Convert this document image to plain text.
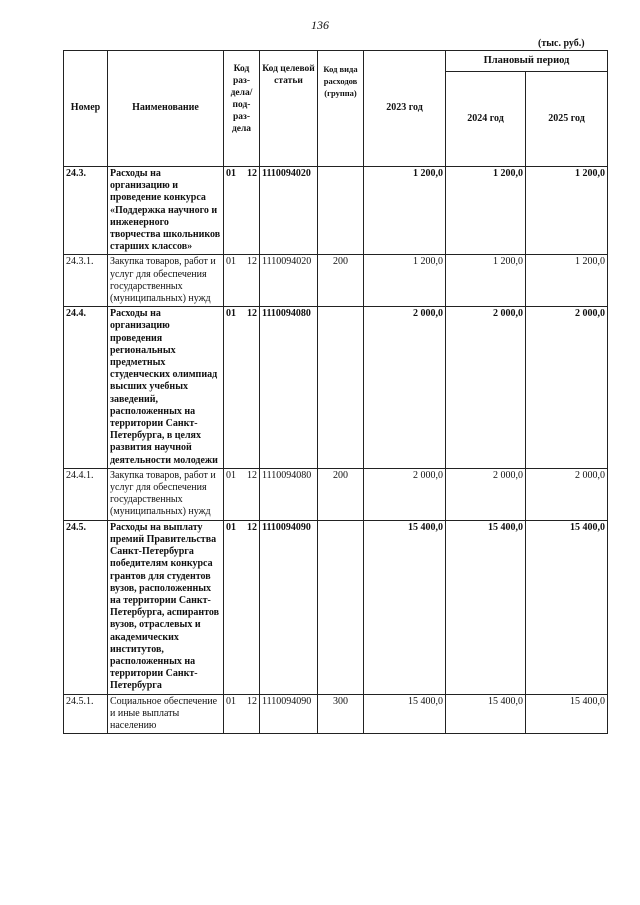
136
(тыс. руб.)
Номер	Наименование	Код раз-дела/ под-раз-дела	Код целевой статьи	Код вида расходов (группа)	2023 год	Плановый период	
						2024 год	2025 год
24.3.	Расходы на организацию и проведение конкурса «Поддержка научного и инженерного творчества школьников старших классов»	01 12	1110094020		1 200,0	1 200,0	1 200,0
24.3.1.	Закупка товаров, работ и услуг для обеспечения государственных (муниципальных) нужд	01 12	1110094020	200	1 200,0	1 200,0	1 200,0
24.4.	Расходы на организацию проведения региональных предметных студенческих олимпиад высших учебных заведений, расположенных на территории Санкт-Петербурга, в целях развития научной деятельности молодежи	01 12	1110094080		2 000,0	2 000,0	2 000,0
24.4.1.	Закупка товаров, работ и услуг для обеспечения государственных (муниципальных) нужд	01 12	1110094080	200	2 000,0	2 000,0	2 000,0
24.5.	Расходы на выплату премий Правительства Санкт-Петербурга победителям конкурса грантов для студентов вузов, расположенных на территории Санкт-Петербурга, аспирантов вузов, отраслевых и академических институтов, расположенных на территории Санкт-Петербурга	01 12	1110094090		15 400,0	15 400,0	15 400,0
24.5.1.	Социальное обеспечение и иные выплаты населению	01 12	1110094090	300	15 400,0	15 400,0	15 400,0
